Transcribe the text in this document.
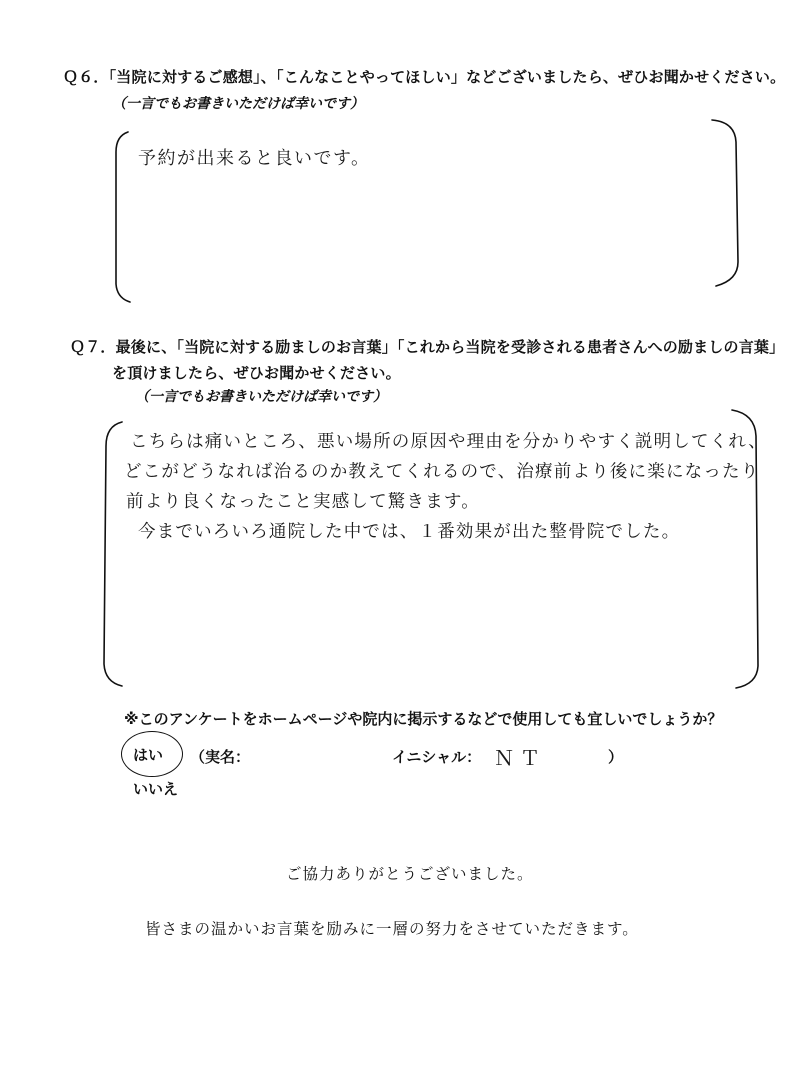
Ｑ６．「当院に対するご感想」、「こんなことやってほしい」などございましたら、ぜひお聞かせください。
（一言でもお書きいただけば幸いです）
予約が出来ると良いです。
Ｑ７．最後に、「当院に対する励ましのお言葉」「これから当院を受診される患者さんへの励ましの言葉」
を頂けましたら、ぜひお聞かせください。
（一言でもお書きいただけば幸いです）
こちらは痛いところ、悪い場所の原因や理由を分かりやすく説明してくれ、
どこがどうなれば治るのか教えてくれるので、治療前より後に楽になったり
前より良くなったこと実感して驚きます。
今までいろいろ通院した中では、１番効果が出た整骨院でした。
※このアンケートをホームページや院内に掲示するなどで使用しても宜しいでしょうか？
はい （実名：	イニシャル： ＮＴ	）
いいえ
ご協力ありがとうございました。
皆さまの温かいお言葉を励みに一層の努力をさせていただきます。
